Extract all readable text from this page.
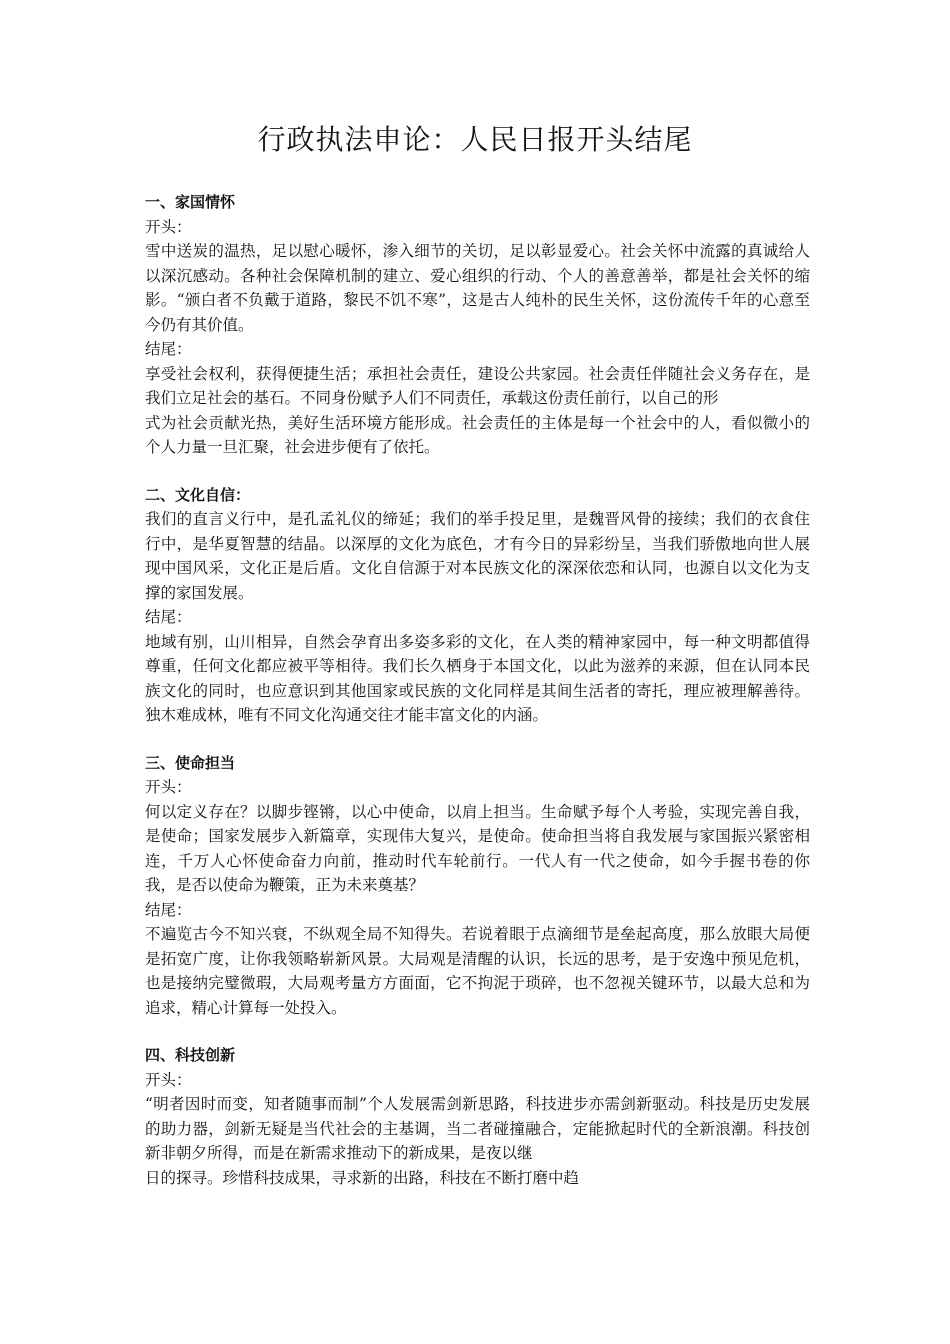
行政执法申论：人民日报开头结尾

一、家国情怀

开头：

雪中送炭的温热，足以慰心暖怀，渗入细节的关切，足以彰显爱心。社会关怀中流露的真诚给人以深沉感动。各种社会保障机制的建立、爱心组织的行动、个人的善意善举，都是社会关怀的缩影。“颁白者不负戴于道路，黎民不饥不寒”，这是古人纯朴的民生关怀，这份流传千年的心意至今仍有其价值。

结尾：

享受社会权利，获得便捷生活；承担社会责任，建设公共家园。社会责任伴随社会义务存在，是我们立足社会的基石。不同身份赋予人们不同责任，承载这份责任前行，以自己的形

式为社会贡献光热，美好生活环境方能形成。社会责任的主体是每一个社会中的人，看似微小的个人力量一旦汇聚，社会进步便有了依托。

二、文化自信：

我们的直言义行中，是孔孟礼仪的缔延；我们的举手投足里，是魏晋风骨的接续；我们的衣食住行中，是华夏智慧的结晶。以深厚的文化为底色，才有今日的异彩纷呈，当我们骄傲地向世人展现中国风采，文化正是后盾。文化自信源于对本民族文化的深深依恋和认同，也源自以文化为支撑的家国发展。

结尾：

地域有别，山川相异，自然会孕育出多姿多彩的文化，在人类的精神家园中，每一种文明都值得尊重，任何文化都应被平等相待。我们长久栖身于本国文化，以此为滋养的来源，但在认同本民族文化的同时，也应意识到其他国家或民族的文化同样是其间生活者的寄托，理应被理解善待。独木难成林，唯有不同文化沟通交往才能丰富文化的内涵。

三、使命担当

开头：

何以定义存在？以脚步铿锵，以心中使命，以肩上担当。生命赋予每个人考验，实现完善自我，是使命；国家发展步入新篇章，实现伟大复兴，是使命。使命担当将自我发展与家国振兴紧密相连，千万人心怀使命奋力向前，推动时代车轮前行。一代人有一代之使命，如今手握书卷的你我，是否以使命为鞭策，正为未来奠基？

结尾：

不遍览古今不知兴衰，不纵观全局不知得失。若说着眼于点滴细节是垒起高度，那么放眼大局便是拓宽广度，让你我领略崭新风景。大局观是清醒的认识，长远的思考，是于安逸中预见危机，也是接纳完璧微瑕，大局观考量方方面面，它不拘泥于琐碎，也不忽视关键环节，以最大总和为追求，精心计算每一处投入。

四、科技创新

开头：

“明者因时而变，知者随事而制”个人发展需剑新思路，科技进步亦需剑新驱动。科技是历史发展的助力器，剑新无疑是当代社会的主基调，当二者碰撞融合，定能掀起时代的全新浪潮。科技创新非朝夕所得，而是在新需求推动下的新成果，是夜以继

日的探寻。珍惜科技成果，寻求新的出路，科技在不断打磨中趋
